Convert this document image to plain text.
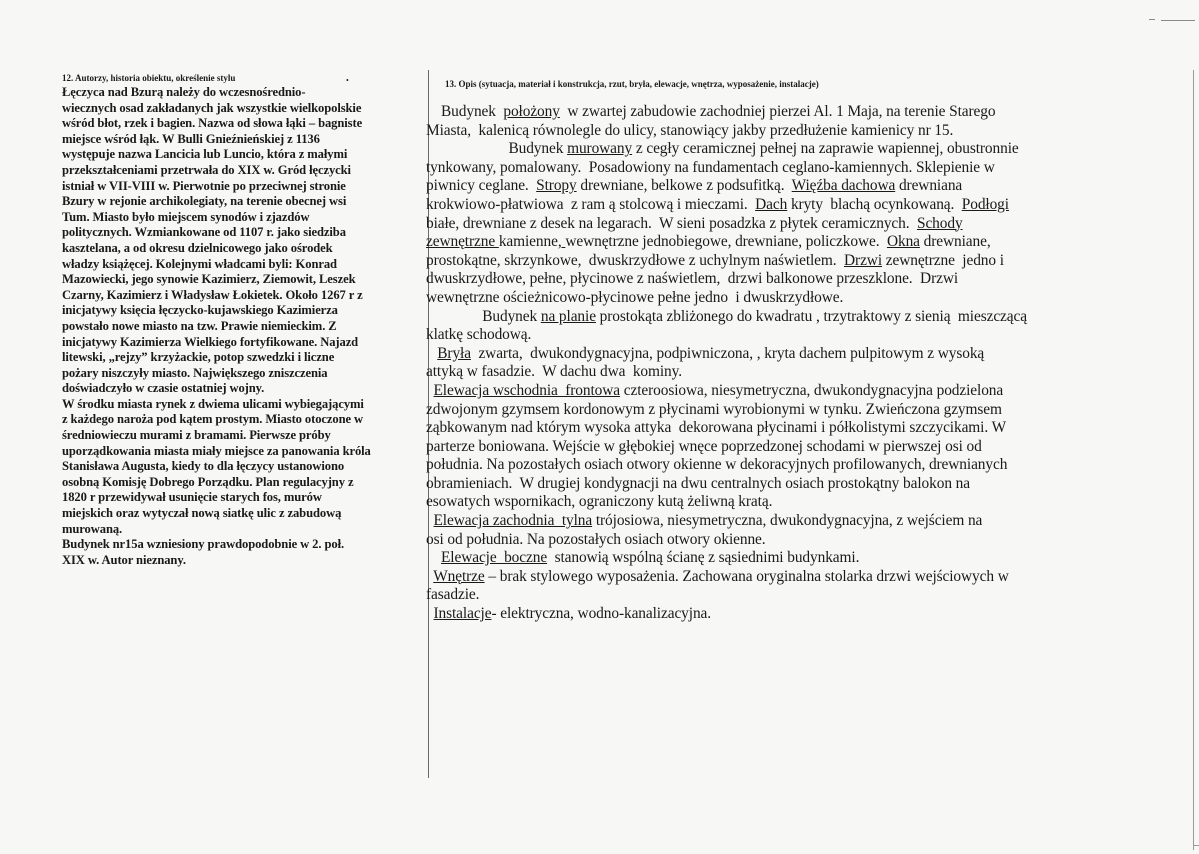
•
12. Autorzy, historia obiektu, określenie stylu

Łęczyca nad Bzurą należy do wczesnośrednio-

wiecznych osad zakładanych jak wszystkie wielkopolskie

wśród błot, rzek i bagien. Nazwa od słowa łąki – bagniste

miejsce wśród łąk. W Bulli Gnieźnieńskiej z 1136

występuje nazwa Lancicia lub Luncio, która z małymi

przekształceniami przetrwała do XIX w. Gród łęczycki

istniał w VII-VIII w. Pierwotnie po przeciwnej stronie

Bzury w rejonie archikolegiaty, na terenie obecnej wsi

Tum. Miasto było miejscem synodów i zjazdów

politycznych. Wzmiankowane od 1107 r. jako siedziba

kasztelana, a od okresu dzielnicowego jako ośrodek

władzy książęcej. Kolejnymi władcami byli: Konrad

Mazowiecki, jego synowie Kazimierz, Ziemowit, Leszek

Czarny, Kazimierz i Władysław Łokietek. Około 1267 r z

inicjatywy księcia łęczycko-kujawskiego Kazimierza

powstało nowe miasto na tzw. Prawie niemieckim. Z

inicjatywy Kazimierza Wielkiego fortyfikowane. Najazd

litewski, „rejzy” krzyżackie, potop szwedzki i liczne

pożary niszczyły miasto. Największego zniszczenia

doświadczyło w czasie ostatniej wojny.

W środku miasta rynek z dwiema ulicami wybiegającymi

z każdego naroża pod kątem prostym. Miasto otoczone w

średniowieczu murami z bramami. Pierwsze próby

uporządkowania miasta miały miejsce za panowania króla

Stanisława Augusta, kiedy to dla łęczycy ustanowiono

osobną Komisję Dobrego Porządku. Plan regulacyjny z

1820 r przewidywał usunięcie starych fos, murów

miejskich oraz wytyczał nową siatkę ulic z zabudową

murowaną.

Budynek nr15a wzniesiony prawdopodobnie w 2. poł.

XIX w. Autor nieznany.

13. Opis (sytuacja, materiał i konstrukcja, rzut, bryła, elewacje, wnętrza, wyposażenie, instalacje)

Budynek  położony  w zwartej zabudowie zachodniej pierzei Al. 1 Maja, na terenie Starego

Miasta,  kalenicą równolegle do ulicy, stanowiący jakby przedłużenie kamienicy nr 15.

Budynek murowany z cegły ceramicznej pełnej na zaprawie wapiennej, obustronnie

tynkowany, pomalowany.  Posadowiony na fundamentach ceglano-kamiennych. Sklepienie w

piwnicy ceglane.  Stropy drewniane, belkowe z podsufitką.  Więźba dachowa drewniana

krokwiowo-płatwiowa  z ram ą stolcową i mieczami.  Dach kryty  blachą ocynkowaną.  Podłogi

białe, drewniane z desek na legarach.  W sieni posadzka z płytek ceramicznych.  Schody

zewnętrzne kamienne, wewnętrzne jednobiegowe, drewniane, policzkowe.  Okna drewniane,

prostokątne, skrzynkowe,  dwuskrzydłowe z uchylnym naświetlem.  Drzwi zewnętrzne  jedno i

dwuskrzydłowe, pełne, płycinowe z naświetlem,  drzwi balkonowe przeszklone.  Drzwi

wewnętrzne ościeżnicowo-płycinowe pełne jedno  i dwuskrzydłowe.

Budynek na planie prostokąta zbliżonego do kwadratu , trzytraktowy z sienią  mieszczącą

klatkę schodową.

Bryła  zwarta,  dwukondygnacyjna, podpiwniczona, , kryta dachem pulpitowym z wysoką

attyką w fasadzie.  W dachu dwa  kominy.

Elewacja wschodnia  frontowa czteroosiowa, niesymetryczna, dwukondygnacyjna podzielona

zdwojonym gzymsem kordonowym z płycinami wyrobionymi w tynku. Zwieńczona gzymsem

ząbkowanym nad którym wysoka attyka  dekorowana płycinami i półkolistymi szczycikami. W

parterze boniowana. Wejście w głębokiej wnęce poprzedzonej schodami w pierwszej osi od

południa. Na pozostałych osiach otwory okienne w dekoracyjnych profilowanych, drewnianych

obramieniach.  W drugiej kondygnacji na dwu centralnych osiach prostokątny balokon na

esowatych wspornikach, ograniczony kutą żeliwną kratą.

Elewacja zachodnia  tylna trójosiowa, niesymetryczna, dwukondygnacyjna, z wejściem na

osi od południa. Na pozostałych osiach otwory okienne.

Elewacje  boczne  stanowią wspólną ścianę z sąsiednimi budynkami.

Wnętrze – brak stylowego wyposażenia. Zachowana oryginalna stolarka drzwi wejściowych w

fasadzie.

Instalacje- elektryczna, wodno-kanalizacyjna.
